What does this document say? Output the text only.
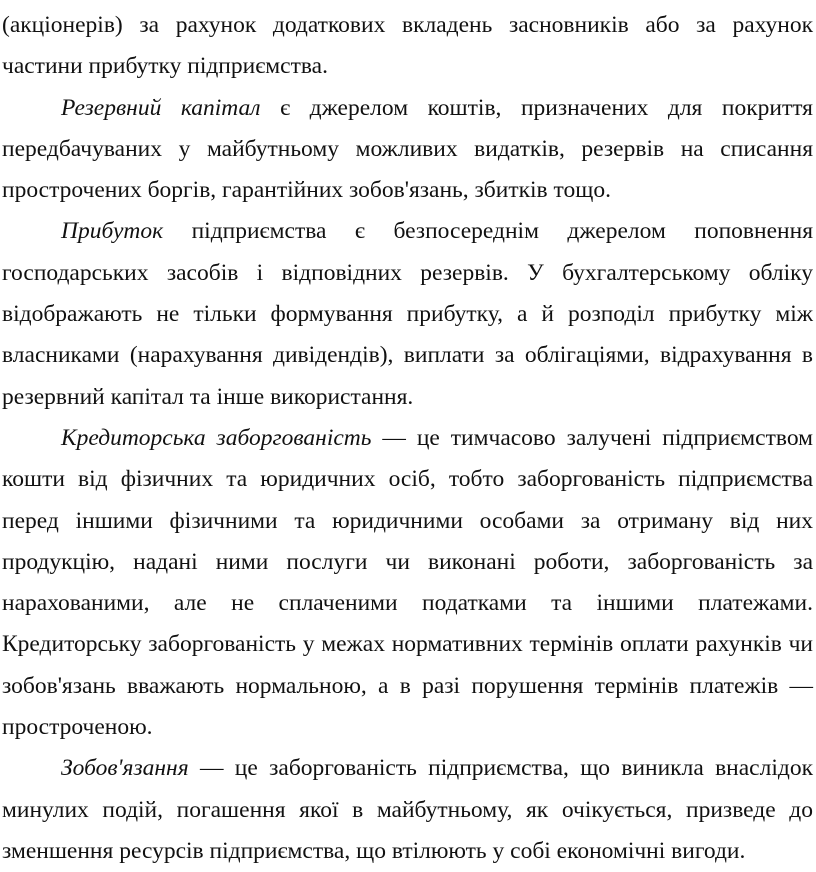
(акціонерів) за рахунок додаткових вкладень засновників або за рахунок частини прибутку підприємства.

Резервний капітал є джерелом коштів, призначених для покриття передбачуваних у майбутньому можливих видатків, резервів на списання прострочених боргів, гарантійних зобов'язань, збитків тощо.

Прибуток підприємства є безпосереднім джерелом поповнення господарських засобів і відповідних резервів. У бухгалтерському обліку відображають не тільки формування прибутку, а й розподіл прибутку між власниками (нарахування дивідендів), виплати за облігаціями, відрахування в резервний капітал та інше використання.

Кредиторська заборгованість — це тимчасово залучені підприємством кошти від фізичних та юридичних осіб, тобто заборгованість підприємства перед іншими фізичними та юридичними особами за отриману від них продукцію, надані ними послуги чи виконані роботи, заборгованість за нарахованими, але не сплаченими податками та іншими платежами. Кредиторську заборгованість у межах нормативних термінів оплати рахунків чи зобов'язань вважають нормальною, а в разі порушення термінів платежів — простроченою.

Зобов'язання — це заборгованість підприємства, що виникла внаслідок минулих подій, погашення якої в майбутньому, як очікується, призведе до зменшення ресурсів підприємства, що втілюють у собі економічні вигоди.
